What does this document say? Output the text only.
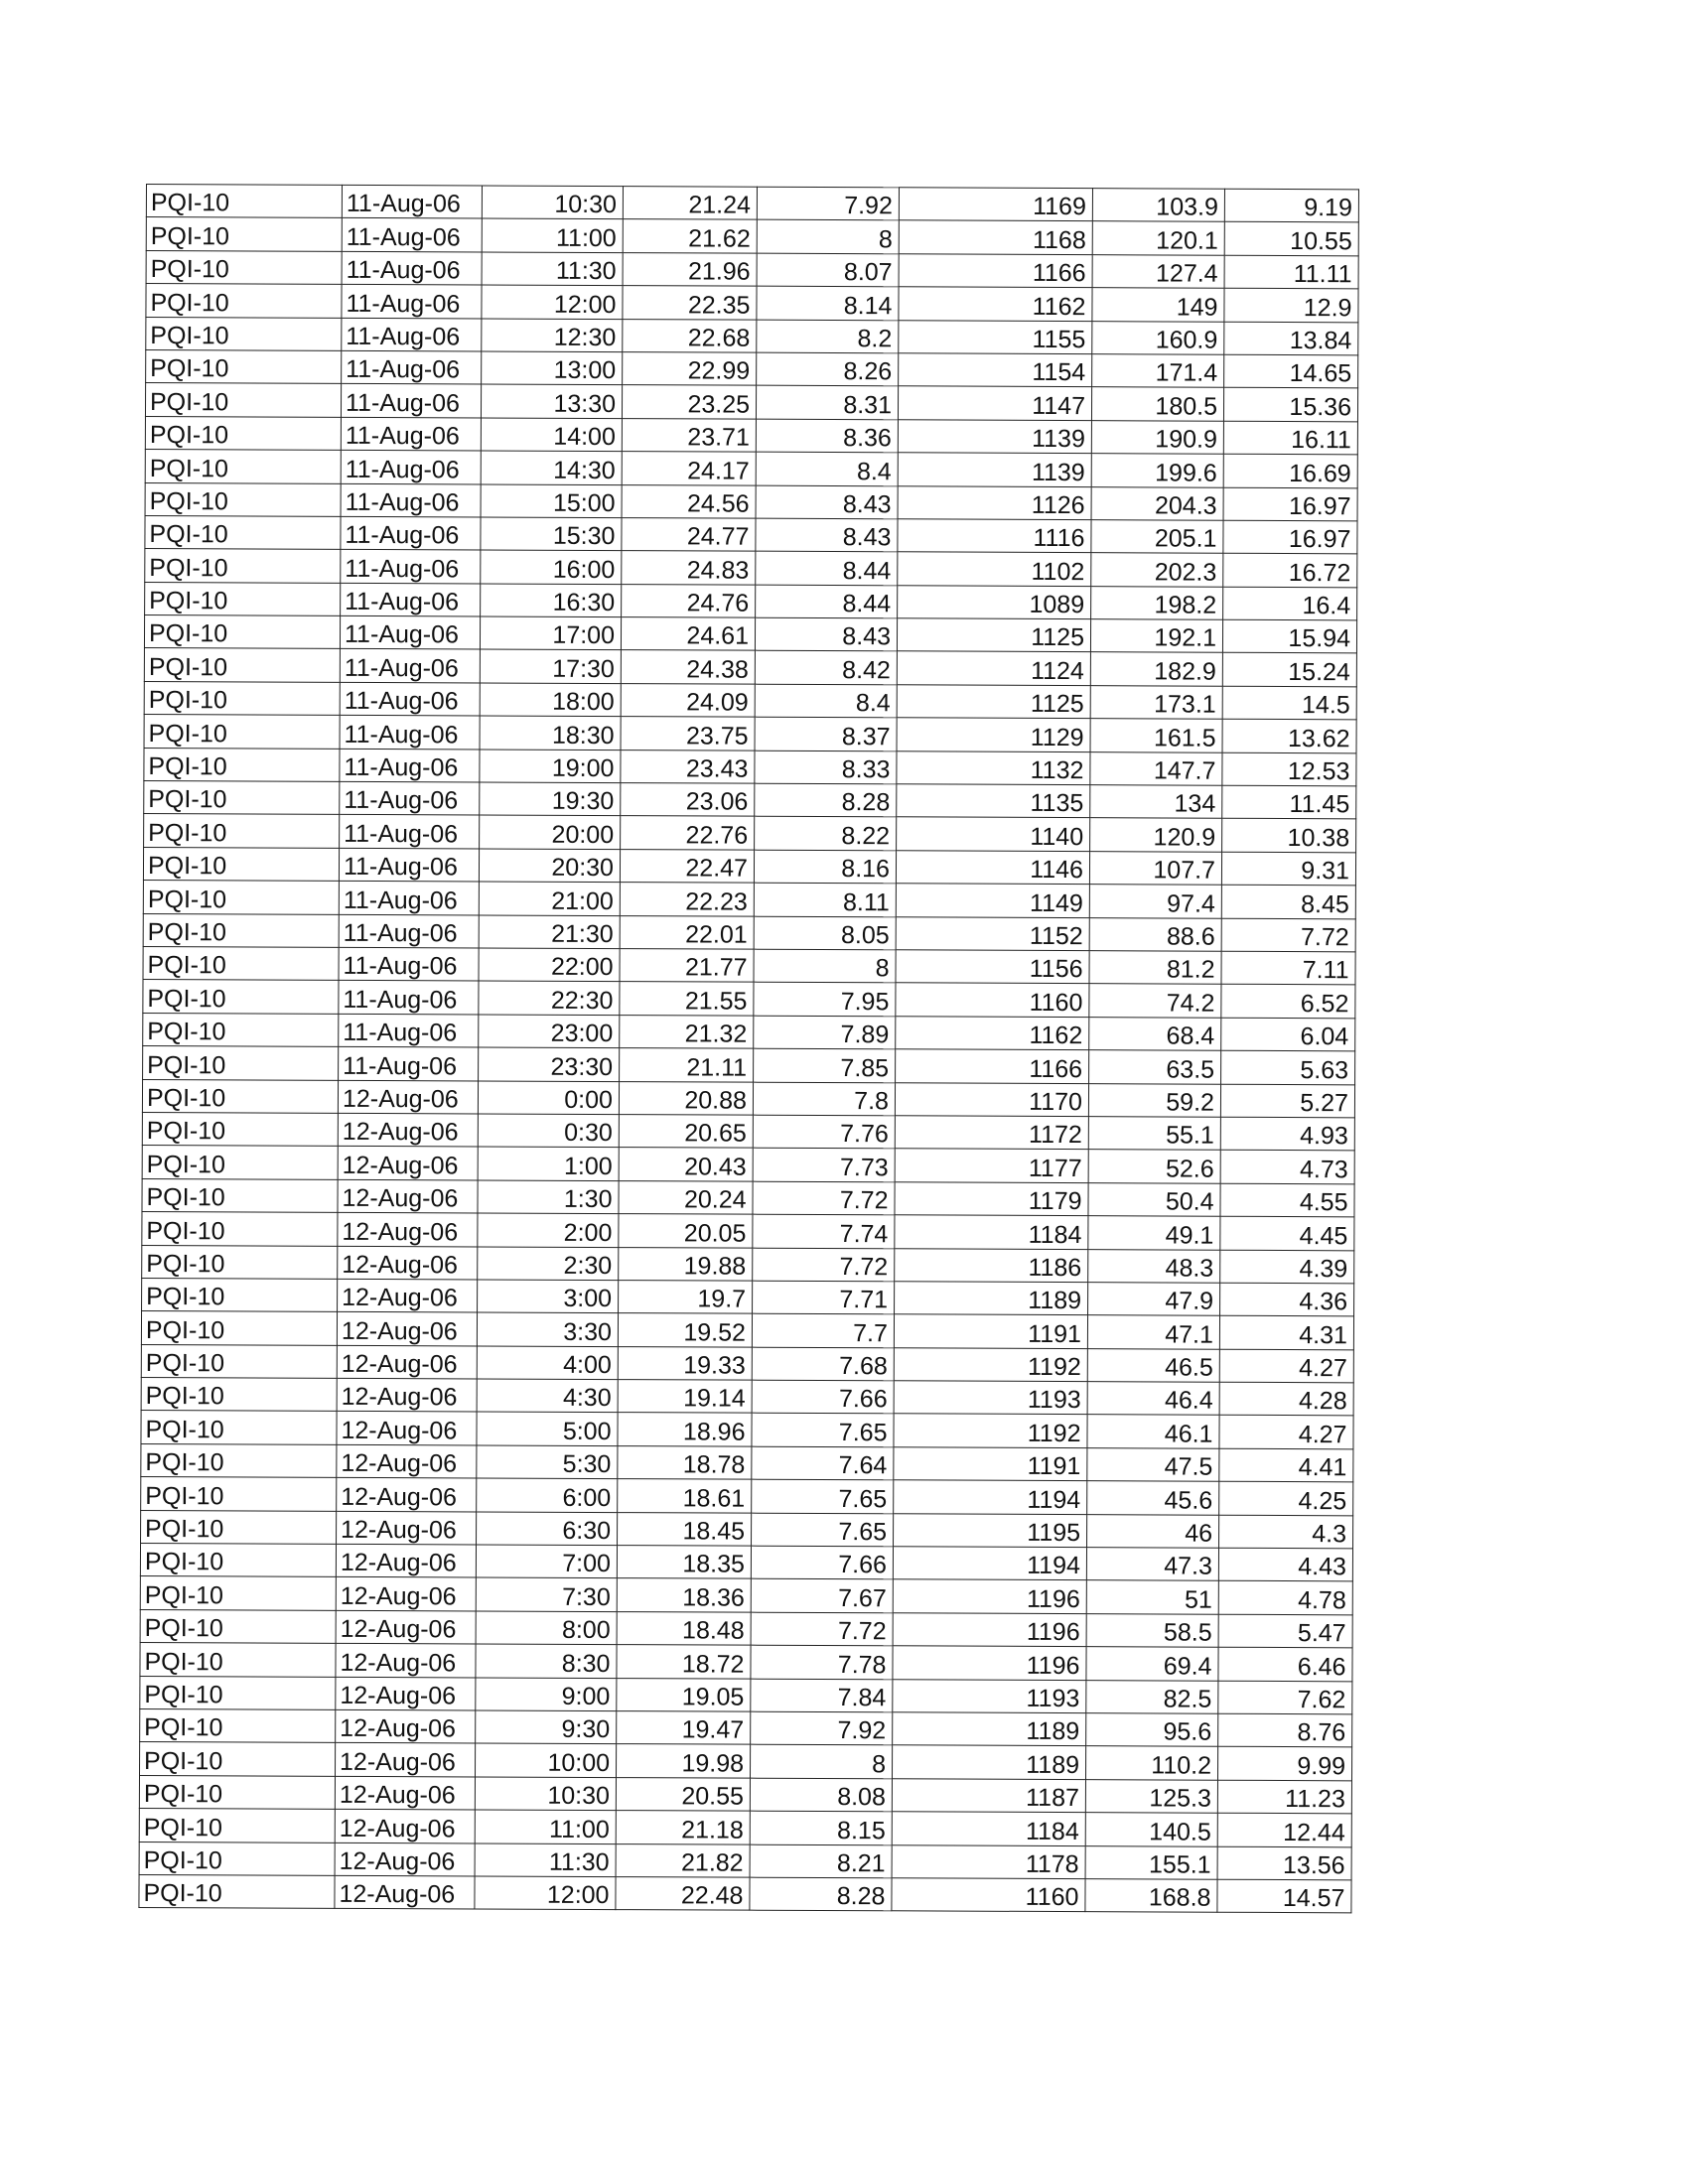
PQI-10	11-Aug-06	10:30	21.24	7.92	1169	103.9	9.19
PQI-10	11-Aug-06	11:00	21.62	8	1168	120.1	10.55
PQI-10	11-Aug-06	11:30	21.96	8.07	1166	127.4	11.11
PQI-10	11-Aug-06	12:00	22.35	8.14	1162	149	12.9
PQI-10	11-Aug-06	12:30	22.68	8.2	1155	160.9	13.84
PQI-10	11-Aug-06	13:00	22.99	8.26	1154	171.4	14.65
PQI-10	11-Aug-06	13:30	23.25	8.31	1147	180.5	15.36
PQI-10	11-Aug-06	14:00	23.71	8.36	1139	190.9	16.11
PQI-10	11-Aug-06	14:30	24.17	8.4	1139	199.6	16.69
PQI-10	11-Aug-06	15:00	24.56	8.43	1126	204.3	16.97
PQI-10	11-Aug-06	15:30	24.77	8.43	1116	205.1	16.97
PQI-10	11-Aug-06	16:00	24.83	8.44	1102	202.3	16.72
PQI-10	11-Aug-06	16:30	24.76	8.44	1089	198.2	16.4
PQI-10	11-Aug-06	17:00	24.61	8.43	1125	192.1	15.94
PQI-10	11-Aug-06	17:30	24.38	8.42	1124	182.9	15.24
PQI-10	11-Aug-06	18:00	24.09	8.4	1125	173.1	14.5
PQI-10	11-Aug-06	18:30	23.75	8.37	1129	161.5	13.62
PQI-10	11-Aug-06	19:00	23.43	8.33	1132	147.7	12.53
PQI-10	11-Aug-06	19:30	23.06	8.28	1135	134	11.45
PQI-10	11-Aug-06	20:00	22.76	8.22	1140	120.9	10.38
PQI-10	11-Aug-06	20:30	22.47	8.16	1146	107.7	9.31
PQI-10	11-Aug-06	21:00	22.23	8.11	1149	97.4	8.45
PQI-10	11-Aug-06	21:30	22.01	8.05	1152	88.6	7.72
PQI-10	11-Aug-06	22:00	21.77	8	1156	81.2	7.11
PQI-10	11-Aug-06	22:30	21.55	7.95	1160	74.2	6.52
PQI-10	11-Aug-06	23:00	21.32	7.89	1162	68.4	6.04
PQI-10	11-Aug-06	23:30	21.11	7.85	1166	63.5	5.63
PQI-10	12-Aug-06	0:00	20.88	7.8	1170	59.2	5.27
PQI-10	12-Aug-06	0:30	20.65	7.76	1172	55.1	4.93
PQI-10	12-Aug-06	1:00	20.43	7.73	1177	52.6	4.73
PQI-10	12-Aug-06	1:30	20.24	7.72	1179	50.4	4.55
PQI-10	12-Aug-06	2:00	20.05	7.74	1184	49.1	4.45
PQI-10	12-Aug-06	2:30	19.88	7.72	1186	48.3	4.39
PQI-10	12-Aug-06	3:00	19.7	7.71	1189	47.9	4.36
PQI-10	12-Aug-06	3:30	19.52	7.7	1191	47.1	4.31
PQI-10	12-Aug-06	4:00	19.33	7.68	1192	46.5	4.27
PQI-10	12-Aug-06	4:30	19.14	7.66	1193	46.4	4.28
PQI-10	12-Aug-06	5:00	18.96	7.65	1192	46.1	4.27
PQI-10	12-Aug-06	5:30	18.78	7.64	1191	47.5	4.41
PQI-10	12-Aug-06	6:00	18.61	7.65	1194	45.6	4.25
PQI-10	12-Aug-06	6:30	18.45	7.65	1195	46	4.3
PQI-10	12-Aug-06	7:00	18.35	7.66	1194	47.3	4.43
PQI-10	12-Aug-06	7:30	18.36	7.67	1196	51	4.78
PQI-10	12-Aug-06	8:00	18.48	7.72	1196	58.5	5.47
PQI-10	12-Aug-06	8:30	18.72	7.78	1196	69.4	6.46
PQI-10	12-Aug-06	9:00	19.05	7.84	1193	82.5	7.62
PQI-10	12-Aug-06	9:30	19.47	7.92	1189	95.6	8.76
PQI-10	12-Aug-06	10:00	19.98	8	1189	110.2	9.99
PQI-10	12-Aug-06	10:30	20.55	8.08	1187	125.3	11.23
PQI-10	12-Aug-06	11:00	21.18	8.15	1184	140.5	12.44
PQI-10	12-Aug-06	11:30	21.82	8.21	1178	155.1	13.56
PQI-10	12-Aug-06	12:00	22.48	8.28	1160	168.8	14.57
